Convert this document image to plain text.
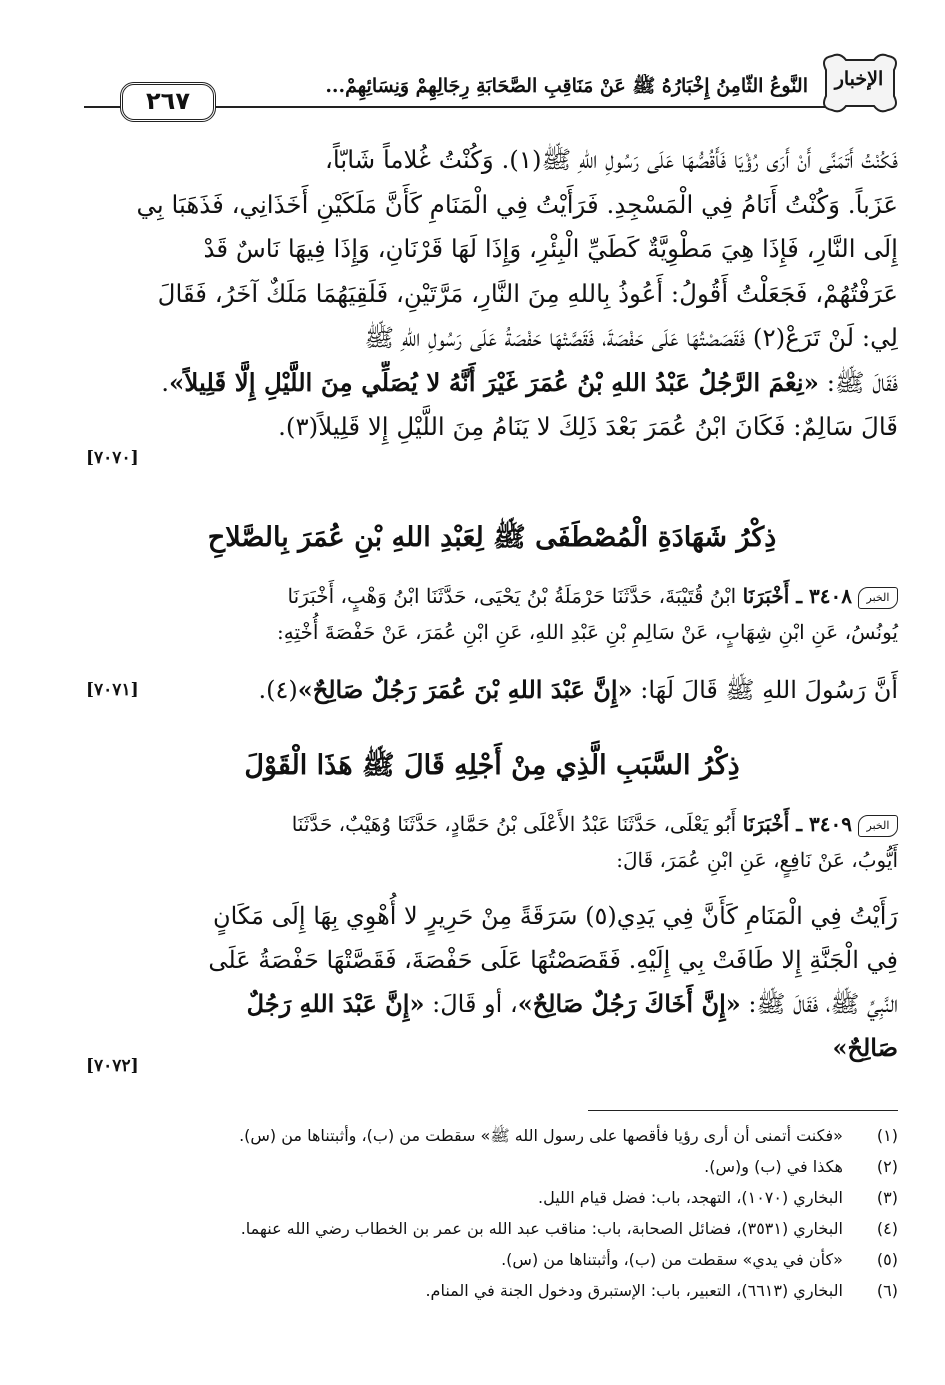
٢٦٧
النَّوعُ الثّامِنُ إِخْبَارُهُ ﷺ عَنْ مَنَاقِبِ الصَّحَابَةِ رِجَالِهِمْ وَنِسَائِهِمْ...	الإخبار
فَكُنْتُ أَتَمَنَّى أَنْ أَرَى رُؤْيَا فَأَقُصُّهَا عَلَى رَسُولِ اللهِ ﷺ(١). وَكُنْتُ غُلاماً شَابّاً،
عَزَباً. وَكُنْتُ أَنَامُ فِي الْمَسْجِدِ. فَرَأَيْتُ فِي الْمَنَامِ كَأَنَّ مَلَكَيْنِ أَخَذَانِي، فَذَهَبَا بِي
إِلَى النَّارِ، فَإِذَا هِيَ مَطْوِيَّةٌ كَطَيِّ الْبِئْرِ، وَإِذَا لَهَا قَرْنَانِ، وَإِذَا فِيهَا نَاسٌ قَدْ
عَرَفْتُهُمْ، فَجَعَلْتُ أَقُولُ: أَعُوذُ بِاللهِ مِنَ النَّارِ، مَرَّتَيْنِ، فَلَقِيَهُمَا مَلَكٌ آخَرُ، فَقَالَ
لِي: لَنْ تَرَعْ(٢) فَقَصَصْتُهَا عَلَى حَفْصَةَ، فَقَصَّتْهَا حَفْصَةُ عَلَى رَسُولِ اللهِ ﷺ
فَقَالَ ﷺ: «نِعْمَ الرَّجُلُ عَبْدُ اللهِ بْنُ عُمَرَ غَيْرَ أَنَّهُ لا يُصَلِّي مِنَ اللَّيْلِ إِلَّا قَلِيلاً».
قَالَ سَالِمٌ: فَكَانَ ابْنُ عُمَرَ بَعْدَ ذَلِكَ لا يَنَامُ مِنَ اللَّيْلِ إِلا قَلِيلاً(٣).
[٧٠٧٠]
ذِكْرُ شَهَادَةِ الْمُصْطَفَى ﷺ لِعَبْدِ اللهِ بْنِ عُمَرَ بِالصَّلاحِ
الخبر٣٤٠٨ ـ أَخْبَرَنَا ابْنُ قُتَيْبَةَ، حَدَّثَنَا حَرْمَلَةُ بْنُ يَحْيَى، حَدَّثَنَا ابْنُ وَهْبٍ، أَخْبَرَنَا
يُونُسُ، عَنِ ابْنِ شِهَابٍ، عَنْ سَالِمِ بْنِ عَبْدِ اللهِ، عَنِ ابْنِ عُمَرَ، عَنْ حَفْصَةَ أُخْتِهِ:
أَنَّ رَسُولَ اللهِ ﷺ قَالَ لَهَا: «إِنَّ عَبْدَ اللهِ بْنَ عُمَرَ رَجُلٌ صَالِحٌ»(٤).
[٧٠٧١]
ذِكْرُ السَّبَبِ الَّذِي مِنْ أَجْلِهِ قَالَ ﷺ هَذَا الْقَوْلَ
الخبر٣٤٠٩ ـ أَخْبَرَنَا أَبُو يَعْلَى، حَدَّثَنَا عَبْدُ الأَعْلَى بْنُ حَمَّادٍ، حَدَّثَنَا وُهَيْبٌ، حَدَّثَنَا
أَيُّوبُ، عَنْ نَافِعٍ، عَنِ ابْنِ عُمَرَ، قَالَ:
رَأَيْتُ فِي الْمَنَامِ كَأَنَّ فِي يَدِي(٥) سَرَقَةً مِنْ حَرِيرٍ لا أُهْوِي بِهَا إِلَى مَكَانٍ
فِي الْجَنَّةِ إِلا طَافَتْ بِي إِلَيْهِ. فَقَصَصْتُهَا عَلَى حَفْصَةَ، فَقَصَّتْهَا حَفْصَةُ عَلَى
النَّبِيِّ ﷺ، فَقَالَ ﷺ: «إِنَّ أَخَاكَ رَجُلٌ صَالِحٌ»، أو قَالَ: «إِنَّ عَبْدَ اللهِ رَجُلٌ
صَالِحٌ»
[٧٠٧٢]
(١) «فكنت أتمنى أن أرى رؤيا فأقصها على رسول الله ﷺ» سقطت من (ب)، وأثبتناها من (س).
(٢) هكذا في (ب) و(س).
(٣) البخاري (١٠٧٠)، التهجد، باب: فضل قيام الليل.
(٤) البخاري (٣٥٣١)، فضائل الصحابة، باب: مناقب عبد الله بن عمر بن الخطاب رضي الله عنهما.
(٥) «كأن في يدي» سقطت من (ب)، وأثبتناها من (س).
(٦) البخاري (٦٦١٣)، التعبير، باب: الإستبرق ودخول الجنة في المنام.
